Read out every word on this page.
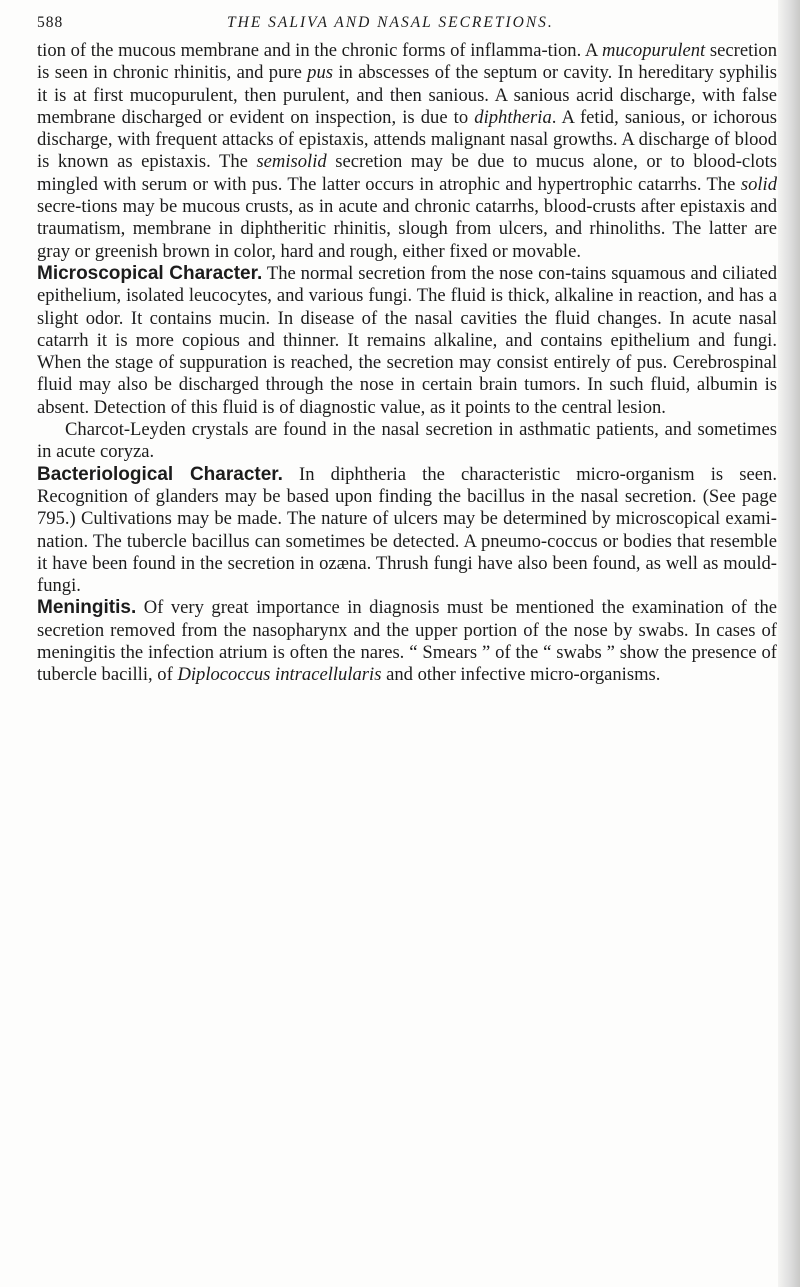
588	THE SALIVA AND NASAL SECRETIONS.

tion of the mucous membrane and in the chronic forms of inflamma-tion. A mucopurulent secretion is seen in chronic rhinitis, and pure pus in abscesses of the septum or cavity. In hereditary syphilis it is at first mucopurulent, then purulent, and then sanious. A sanious acrid discharge, with false membrane discharged or evident on inspection, is due to diphtheria. A fetid, sanious, or ichorous discharge, with frequent attacks of epistaxis, attends malignant nasal growths. A discharge of blood is known as epistaxis. The semisolid secretion may be due to mucus alone, or to blood-clots mingled with serum or with pus. The latter occurs in atrophic and hypertrophic catarrhs. The solid secre-tions may be mucous crusts, as in acute and chronic catarrhs, blood-crusts after epistaxis and traumatism, membrane in diphtheritic rhinitis, slough from ulcers, and rhinoliths. The latter are gray or greenish brown in color, hard and rough, either fixed or movable.

Microscopical Character. The normal secretion from the nose con-tains squamous and ciliated epithelium, isolated leucocytes, and various fungi. The fluid is thick, alkaline in reaction, and has a slight odor. It contains mucin. In disease of the nasal cavities the fluid changes. In acute nasal catarrh it is more copious and thinner. It remains alkaline, and contains epithelium and fungi. When the stage of suppuration is reached, the secretion may consist entirely of pus. Cerebrospinal fluid may also be discharged through the nose in certain brain tumors. In such fluid, albumin is absent. Detection of this fluid is of diagnostic value, as it points to the central lesion.

Charcot-Leyden crystals are found in the nasal secretion in asthmatic patients, and sometimes in acute coryza.

Bacteriological Character. In diphtheria the characteristic micro-organism is seen. Recognition of glanders may be based upon finding the bacillus in the nasal secretion. (See page 795.) Cultivations may be made. The nature of ulcers may be determined by microscopical exami-nation. The tubercle bacillus can sometimes be detected. A pneumo-coccus or bodies that resemble it have been found in the secretion in ozæna. Thrush fungi have also been found, as well as mould-fungi.

Meningitis. Of very great importance in diagnosis must be mentioned the examination of the secretion removed from the nasopharynx and the upper portion of the nose by swabs. In cases of meningitis the infection atrium is often the nares. “ Smears ” of the “ swabs ” show the presence of tubercle bacilli, of Diplococcus intracellularis and other infective micro-organisms.
